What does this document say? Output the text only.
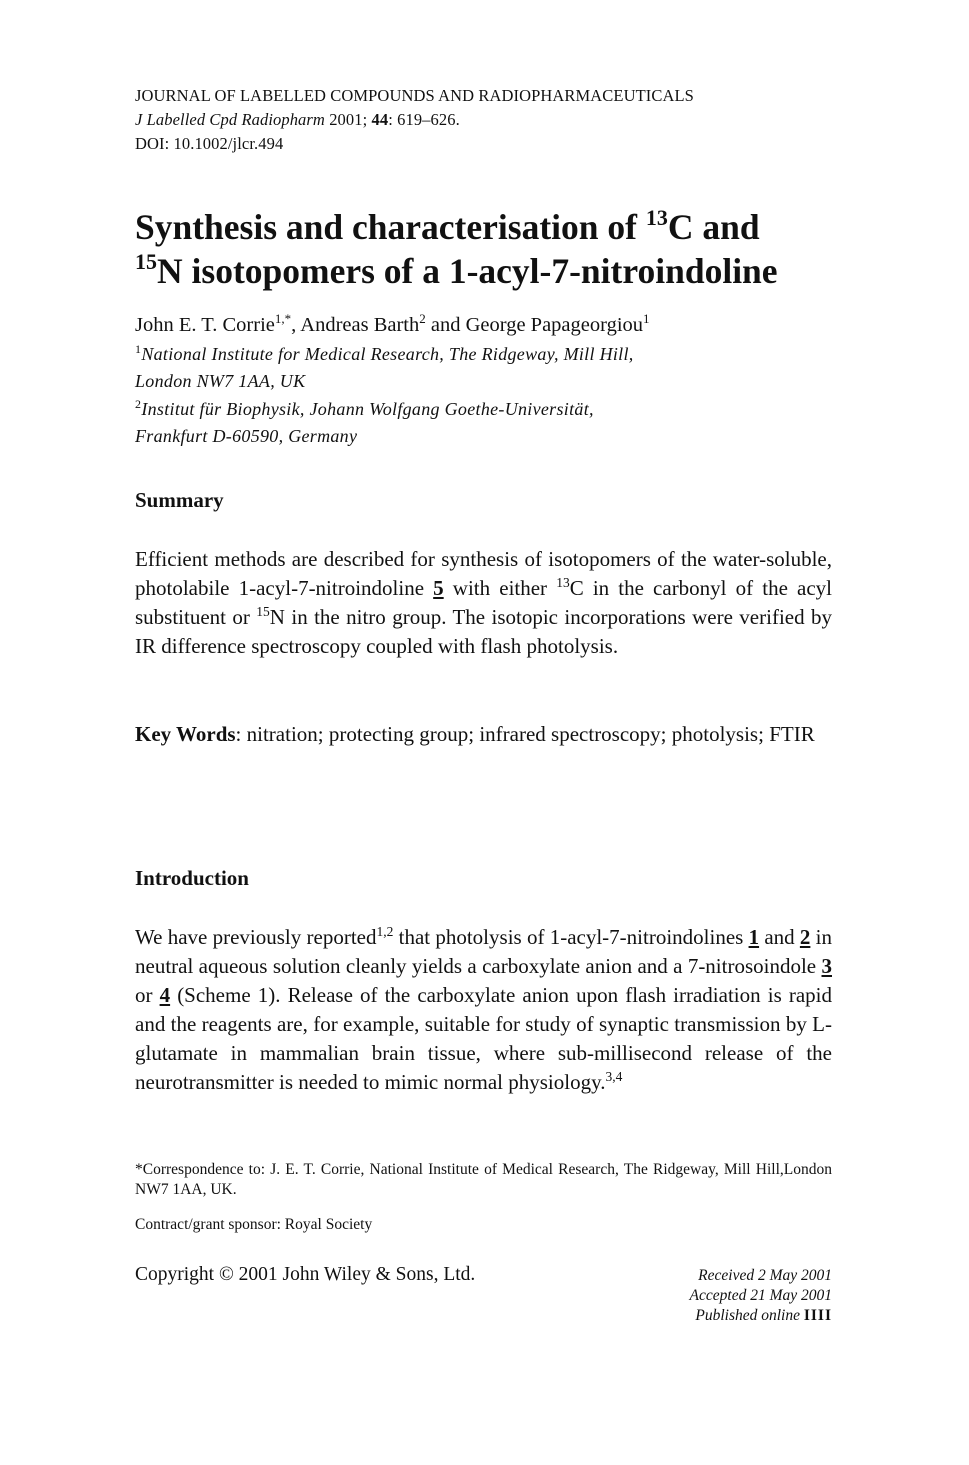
JOURNAL OF LABELLED COMPOUNDS AND RADIOPHARMACEUTICALS
J Labelled Cpd Radiopharm 2001; 44: 619–626.
DOI: 10.1002/jlcr.494
Synthesis and characterisation of $^{13}$C and
$^{15}$N isotopomers of a 1-acyl-7-nitroindoline
John E. T. Corrie$^{1,*}$, Andreas Barth$^2$ and George Papageorgiou$^1$
$^1$National Institute for Medical Research, The Ridgeway, Mill Hill,
London NW7 1AA, UK
$^2$Institut für Biophysik, Johann Wolfgang Goethe-Universität,
Frankfurt D-60590, Germany
Summary

Efficient methods are described for synthesis of isotopomers of the water-soluble, photolabile 1-acyl-7-nitroindoline 5 with either $^{13}$C in the carbonyl of the acyl substituent or $^{15}$N in the nitro group. The isotopic incorporations were verified by IR difference spectroscopy coupled with flash photolysis.

Key Words: nitration; protecting group; infrared spectroscopy; photolysis; FTIR

Introduction

We have previously reported$^{1,2}$ that photolysis of 1-acyl-7-nitroindolines 1 and 2 in neutral aqueous solution cleanly yields a carboxylate anion and a 7-nitrosoindole 3 or 4 (Scheme 1). Release of the carboxylate anion upon flash irradiation is rapid and the reagents are, for example, suitable for study of synaptic transmission by L-glutamate in mammalian brain tissue, where sub-millisecond release of the neurotransmitter is needed to mimic normal physiology.$^{3,4}$

*Correspondence to: J. E. T. Corrie, National Institute of Medical Research, The Ridgeway, Mill Hill,London NW7 1AA, UK.

Contract/grant sponsor: Royal Society

Copyright © 2001 John Wiley & Sons, Ltd.	Received 2 May 2001
Accepted 21 May 2001
Published online IIII
